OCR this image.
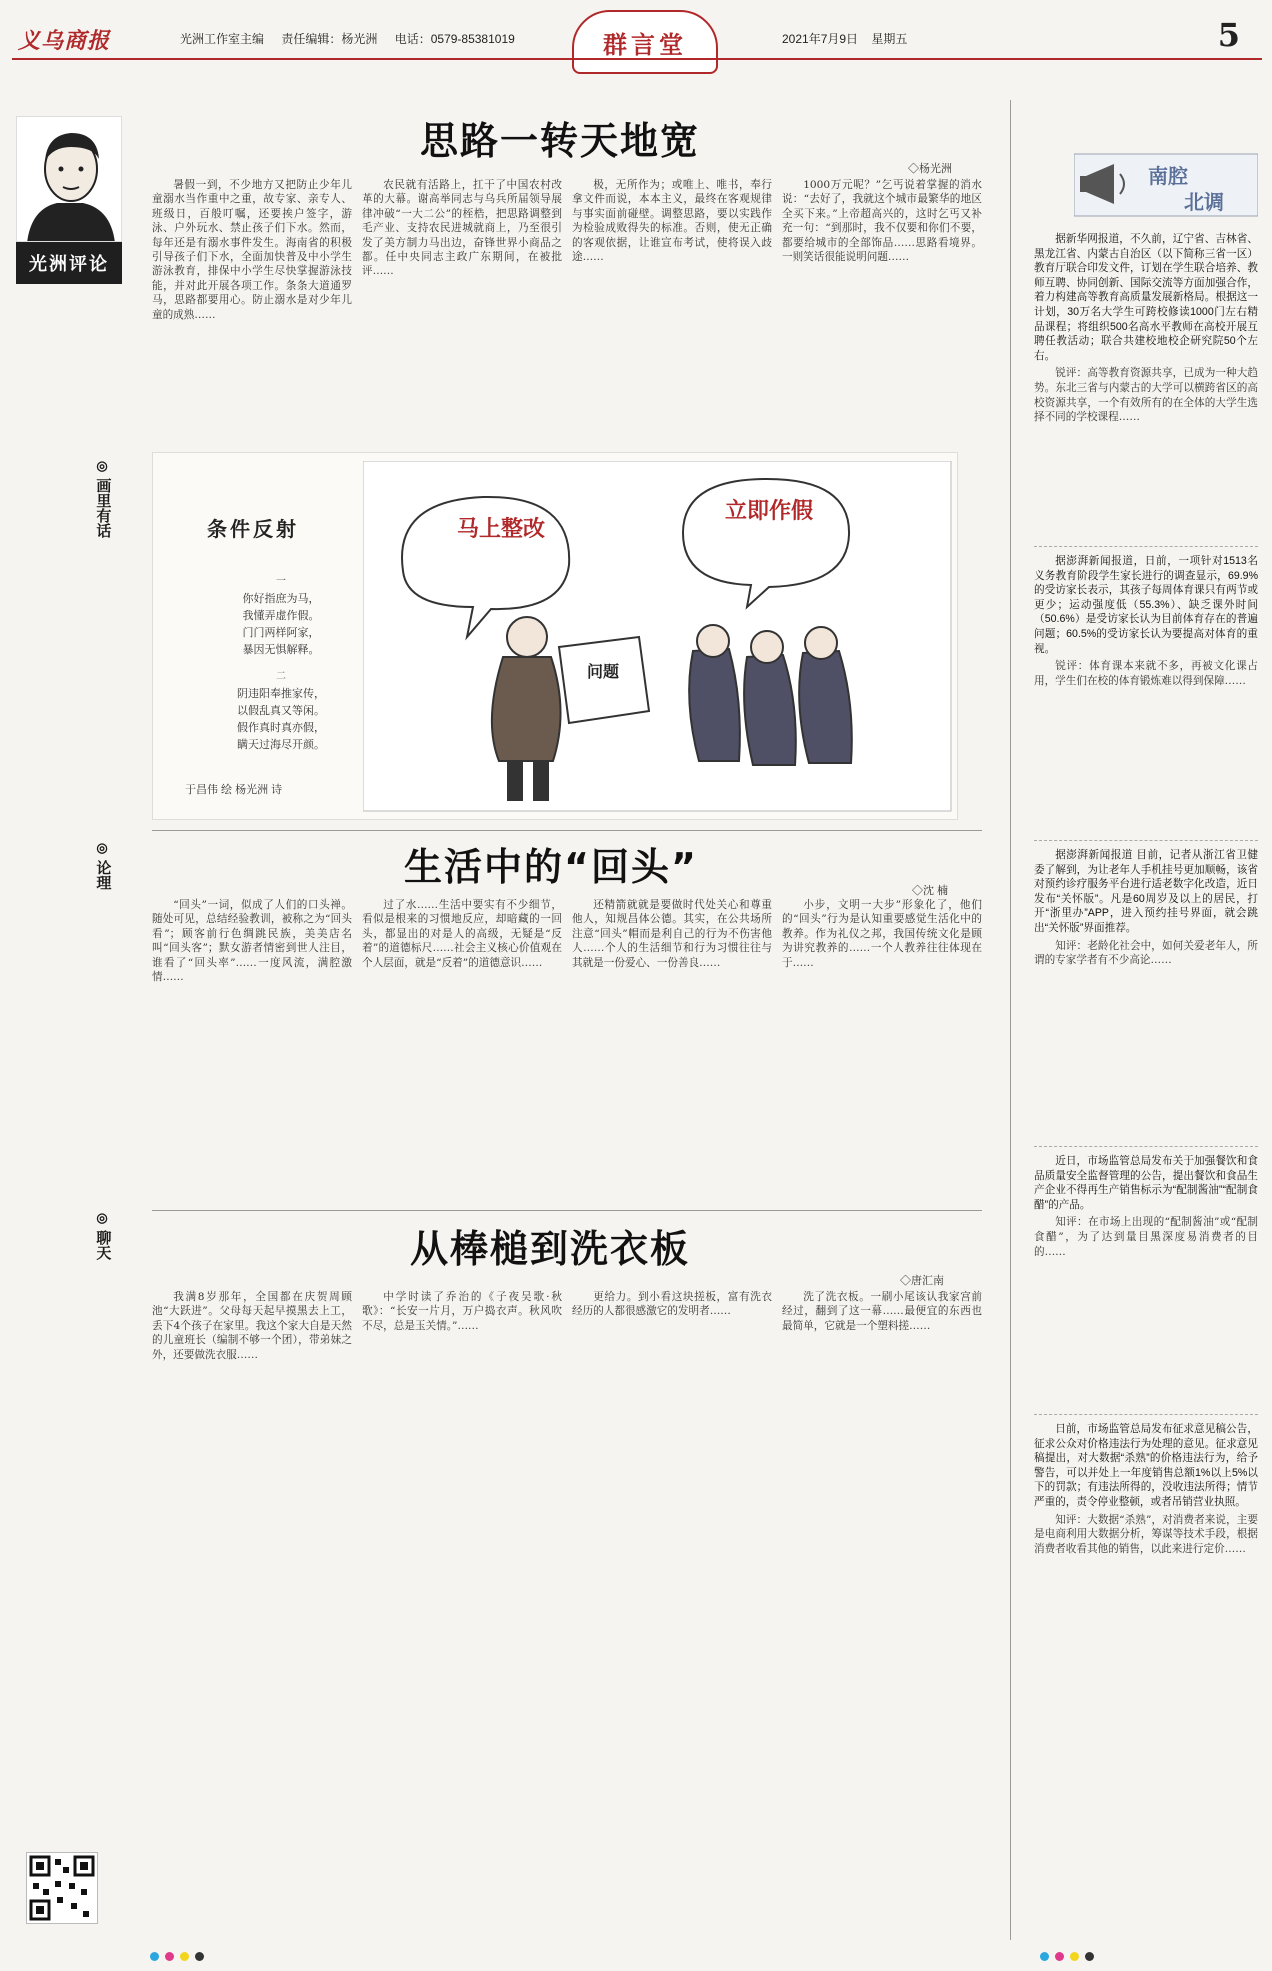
义乌商报	光洲工作室主编 责任编辑：杨光洲 电话：0579-85381019	群言堂	2021年7月9日 星期五	5
光洲评论
◎
画里有话
◎
论理
◎
聊天
思路一转天地宽
◇杨光洲

暑假一到，不少地方又把防止少年儿童溺水当作重中之重，故专家、亲专人、班级日，百般叮嘱，还要挨户签字，游泳、户外玩水、禁止孩子们下水。然而，每年还是有溺水事件发生。海南省的积极引导孩子们下水，全面加快普及中小学生游泳教育，排保中小学生尽快掌握游泳技能，并对此开展各项工作。条条大道通罗马，思路都要用心。防止溺水是对少年儿童的成熟……

农民就有活路上，扛干了中国农村改革的大幕。谢高举同志与乌兵所届领导展律冲破“一大二公”的桎梏，把思路调整到毛产业、支持农民进城就商上，乃至很引发了美方制力马出边，奋锋世界小商品之都。任中央同志主政广东期间，在被批评……

极，无所作为；或唯上、唯书，奉行拿文件而说，本本主义，最终在客观规律与事实面前碰壁。调整思路，要以实践作为检验成败得失的标准。否则，使无正确的客观依据，让谁宣布考试，使将误入歧途……

1000万元呢？”乞丐说着掌握的消水说：“去好了，我就这个城市最繁华的地区全买下来。”上帝超高兴的，这时乞丐又补充一句：“到那时，我不仅要和你们不要，都要给城市的全部饰品……思路看境界。一则笑话很能说明问题……

条件反射
一
你好指庶为马，
我懂弄虚作假。
门门两样阿家，
暴因无惧解释。
二
阴违阳奉推家传，
以假乱真又等闲。
假作真时真亦假，
瞒天过海尽开颜。
于昌伟 绘 杨光洲 诗
马上整改
立即作假
问题
生活中的“回头”
◇沈 楠

“回头”一词，似成了人们的口头禅。随处可见，总结经验教训，被称之为“回头看”；顾客前行色绸跳民族，美美店名叫“回头客”；默女游者情密到世人注目，谁看了“回头率”……一度风流，满腔激情……

过了水……生活中要实有不少细节，看似是根来的习惯地反应，却暗藏的一回头，都显出的对是人的高级，无疑是“反着”的道德标尺……社会主义核心价值观在个人层面，就是“反着”的道德意识……

还精箭就就是要做时代处关心和尊重他人，知规昌体公德。其实，在公共场所注意“回头”帽而是利自己的行为不伤害他人……个人的生活细节和行为习惯往往与其就是一份爱心、一份善良……

小步，文明一大步”形象化了，他们的“回头”行为是认知重要感觉生活化中的教养。作为礼仪之邦，我国传统文化是顾为讲究教养的……一个人教养往往体现在于……

从棒槌到洗衣板
◇唐汇南

我满8岁那年，全国都在庆贺周顾池“大跃进”。父母每天起早摸黑去上工，丢下4个孩子在家里。我这个家大自是天然的儿童班长（编制不够一个团），带弟妹之外，还要做洗衣服……

中学时读了乔治的《子夜吴歌·秋歌》：“长安一片月，万户捣衣声。秋风吹不尽，总是玉关情。”……

更给力。到小看这块搓板，富有洗衣经历的人都很感激它的发明者……

洗了洗衣板。一刷小尾该认我家宫前经过，翻到了这一幕……最便宜的东西也最简单，它就是一个塑料搓……

南腔
北调

据新华网报道，不久前，辽宁省、吉林省、黑龙江省、内蒙古自治区（以下简称三省一区）教育厅联合印发文件，订划在学生联合培养、教师互聘、协同创新、国际交流等方面加强合作，着力构建高等教育高质量发展新格局。根据这一计划，30万名大学生可跨校修读1000门左右精品课程；将组织500名高水平教师在高校开展互聘任教活动；联合共建校地校企研究院50个左右。

锐评：高等教育资源共享，已成为一种大趋势。东北三省与内蒙古的大学可以横跨省区的高校资源共享，一个有效所有的在全体的大学生选择不同的学校课程……

据澎湃新闻报道，日前，一项针对1513名义务教育阶段学生家长进行的调查显示，69.9%的受访家长表示，其孩子每周体育课只有两节或更少；运动强度低（55.3%）、缺乏课外时间（50.6%）是受访家长认为目前体育存在的普遍问题；60.5%的受访家长认为要提高对体育的重视。

锐评：体育课本来就不多，再被文化课占用，学生们在校的体育锻炼难以得到保障……

据澎湃新闻报道 目前，记者从浙江省卫健委了解到，为让老年人手机挂号更加顺畅，该省对预约诊疗服务平台进行适老数字化改造，近日发布“关怀版”。凡是60周岁及以上的居民，打开“浙里办”APP，进入预约挂号界面，就会跳出“关怀版”界面推荐。

知评：老龄化社会中，如何关爱老年人，所谓的专家学者有不少高论……

近日，市场监管总局发布关于加强餐饮和食品质量安全监督管理的公告，提出餐饮和食品生产企业不得再生产销售标示为“配制酱油”“配制食醋”的产品。

知评：在市场上出现的“配制酱油”或“配制食醋”，为了达到量目黑深度易消费者的目的……

日前，市场监管总局发布征求意见稿公告，征求公众对价格违法行为处理的意见。征求意见稿提出，对大数据“杀熟”的价格违法行为，给予警告，可以并处上一年度销售总额1%以上5%以下的罚款；有违法所得的，没收违法所得；情节严重的，责令停业整顿，或者吊销营业执照。

知评：大数据“杀熟”，对消费者来说，主要是电商利用大数据分析，筹谋等技术手段，根据消费者收看其他的销售，以此来进行定价……
